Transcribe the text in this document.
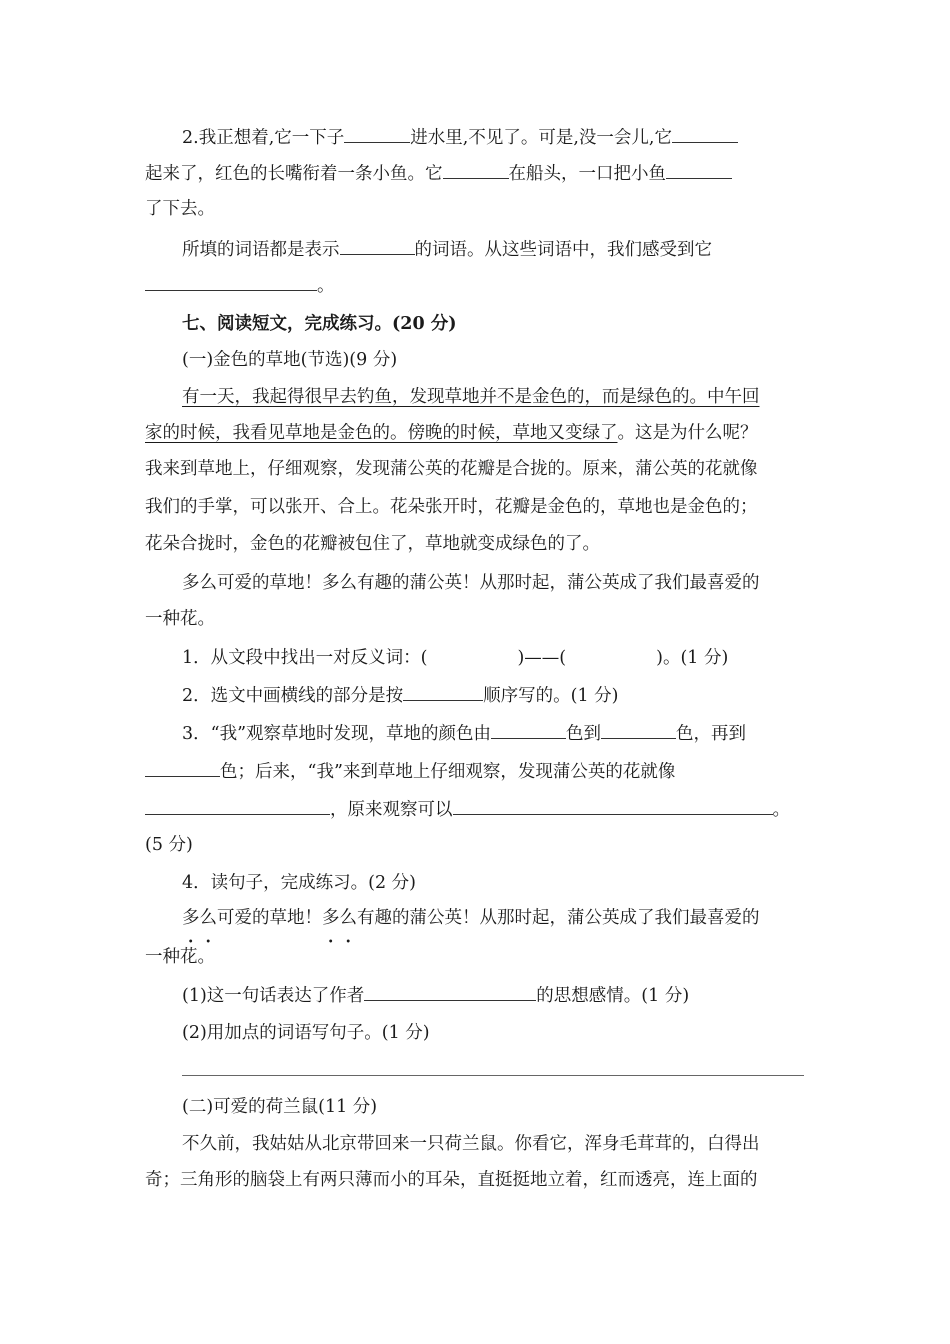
2.我正想着,它一下子	进水里,不见了。可是,没一会儿,它
起来了，红色的长嘴衔着一条小鱼。它	在船头，一口把小鱼
了下去。
所填的词语都是表示	的词语。从这些词语中，我们感受到它
。
七、阅读短文，完成练习。(20 分)
(一)金色的草地(节选)(9 分)
有一天，我起得很早去钓鱼，发现草地并不是金色的，而是绿色的。中午回
家的时候，我看见草地是金色的。傍晚的时候，草地又变绿了。这是为什么呢？
我来到草地上，仔细观察，发现蒲公英的花瓣是合拢的。原来，蒲公英的花就像
我们的手掌，可以张开、合上。花朵张开时，花瓣是金色的，草地也是金色的；
花朵合拢时，金色的花瓣被包住了，草地就变成绿色的了。
多么可爱的草地！多么有趣的蒲公英！从那时起，蒲公英成了我们最喜爱的
一种花。
1．从文段中找出一对反义词：(	)——(	)。(1 分)
2．选文中画横线的部分是按	顺序写的。(1 分)
3．“我”观察草地时发现，草地的颜色由	色到	色，再到
色；后来，“我”来到草地上仔细观察，发现蒲公英的花就像
，原来观察可以	。
(5 分)
4．读句子，完成练习。(2 分)
多么可爱的草地！多么有趣的蒲公英！从那时起，蒲公英成了我们最喜爱的
一种花。
(1)这一句话表达了作者	的思想感情。(1 分)
(2)用加点的词语写句子。(1 分)
(二)可爱的荷兰鼠(11 分)
不久前，我姑姑从北京带回来一只荷兰鼠。你看它，浑身毛茸茸的，白得出
奇；三角形的脑袋上有两只薄而小的耳朵，直挺挺地立着，红而透亮，连上面的
